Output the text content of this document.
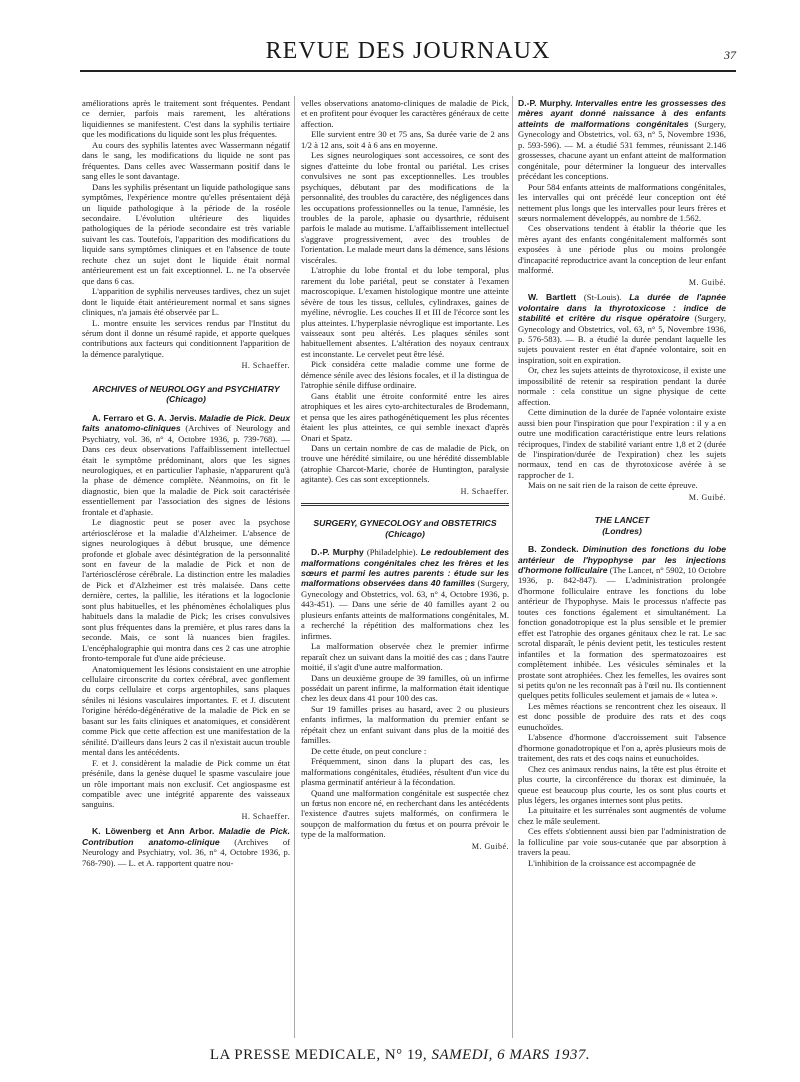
REVUE DES JOURNAUX	37

améliorations après le traitement sont fréquentes. Pendant ce dernier, parfois mais rarement, les altérations liquidiennes se manifestent. C'est dans la syphilis tertiaire que les modifications du liquide sont les plus fréquentes.

Au cours des syphilis latentes avec Wassermann négatif dans le sang, les modifications du liquide ne sont pas fréquentes. Dans celles avec Wassermann positif dans le sang elles le sont davantage.

Dans les syphilis présentant un liquide pathologique sans symptômes, l'expérience montre qu'elles présentaient déjà un liquide pathologique à la période de la roséole secondaire. L'évolution ultérieure des liquides pathologiques de la période secondaire est très variable suivant les cas. Toutefois, l'apparition des modifications du liquide sans symptômes cliniques et en l'absence de toute rechute chez un sujet dont le liquide était normal antérieurement est un fait exceptionnel. L. ne l'a observée que dans 6 cas.

L'apparition de syphilis nerveuses tardives, chez un sujet dont le liquide était antérieurement normal et sans signes cliniques, n'a jamais été observée par L.

L. montre ensuite les services rendus par l'Institut du sérum dont il donne un résumé rapide, et apporte quelques contributions aux facteurs qui conditionnent l'apparition de la démence paralytique.

H. Schaeffer.
ARCHIVES of NEUROLOGY and PSYCHIATRY
(Chicago)

A. Ferraro et G. A. Jervis. Maladie de Pick. Deux faits anatomo-cliniques (Archives of Neurology and Psychiatry, vol. 36, n° 4, Octobre 1936, p. 739-768). — Dans ces deux observations l'affaiblissement intellectuel était le symptôme prédominant, alors que les signes neurologiques, et en particulier l'aphasie, n'apparurent qu'à la phase de démence complète. Néanmoins, on fit le diagnostic, bien que la maladie de Pick soit caractérisée essentiellement par l'association des signes de lésions frontale et d'aphasie.

Le diagnostic peut se poser avec la psychose artériosclérose et la maladie d'Alzheimer. L'absence de signes neurologiques à début brusque, une démence profonde et globale avec désintégration de la personnalité sont en faveur de la maladie de Pick et non de l'artériosclérose cérébrale. La distinction entre les maladies de Pick et d'Alzheimer est très malaisée. Dans cette dernière, certes, la pallilie, les itérations et la logoclonie sont plus habituelles, et les phénomènes écholaliques plus habituels dans la maladie de Pick; les crises convulsives sont plus fréquentes dans la première, et plus rares dans la seconde. Mais, ce sont là nuances bien fragiles. L'encéphalographie qui montra dans ces 2 cas une atrophie fronto-temporale fut d'une aide précieuse.

Anatomiquement les lésions consistaient en une atrophie cellulaire circonscrite du cortex cérébral, avec gonflement du corps cellulaire et corps argentophiles, sans plaques séniles ni lésions vasculaires importantes. F. et J. discutent l'origine hérédo-dégénérative de la maladie de Pick en se basant sur les faits cliniques et anatomiques, et considèrent comme Pick que cette affection est une manifestation de la sénilité. D'ailleurs dans leurs 2 cas il n'existait aucun trouble mental dans les antécédents.

F. et J. considèrent la maladie de Pick comme un état présénile, dans la genèse duquel le spasme vasculaire joue un rôle important mais non exclusif. Cet angiospasme est compatible avec une intégrité apparente des vaisseaux sanguins.

H. Schaeffer.

K. Löwenberg et Ann Arbor. Maladie de Pick. Contribution anatomo-clinique (Archives of Neurology and Psychiatry, vol. 36, n° 4, Octobre 1936, p. 768-790). — L. et A. rapportent quatre nou-

velles observations anatomo-cliniques de maladie de Pick, et en profitent pour évoquer les caractères généraux de cette affection.

Elle survient entre 30 et 75 ans, Sa durée varie de 2 ans 1/2 à 12 ans, soit 4 à 6 ans en moyenne.

Les signes neurologiques sont accessoires, ce sont des signes d'atteinte du lobe frontal ou pariétal. Les crises convulsives ne sont pas exceptionnelles. Les troubles psychiques, débutant par des modifications de la personnalité, des troubles du caractère, des négligences dans les occupations professionnelles ou la tenue, l'amnésie, les troubles de la parole, aphasie ou dysarthrie, réduisent parfois le malade au mutisme. L'affaiblissement intellectuel s'aggrave progressivement, avec des troubles de l'orientation. Le malade meurt dans la démence, sans lésions viscérales.

L'atrophie du lobe frontal et du lobe temporal, plus rarement du lobe pariétal, peut se constater à l'examen macroscopique. L'examen histologique montre une atteinte sévère de tous les tissus, cellules, cylindraxes, gaines de myéline, névroglie. Les couches II et III de l'écorce sont les plus atteintes. L'hyperplasie névroglique est importante. Les vaisseaux sont peu altérés. Les plaques séniles sont habituellement absentes. L'altération des noyaux centraux est inconstante. Le cervelet peut être lésé.

Pick considéra cette maladie comme une forme de démence sénile avec des lésions focales, et il la distingua de l'atrophie sénile diffuse ordinaire.

Gans établit une étroite conformité entre les aires atrophiques et les aires cyto-architecturales de Brodemann, et pensa que les aires pathogénétiquement les plus récentes étaient les plus atteintes, ce qui semble inexact d'après Onari et Spatz.

Dans un certain nombre de cas de maladie de Pick, on trouve une hérédité similaire, ou une hérédité dissemblable (atrophie Charcot-Marie, chorée de Huntington, paralysie agitante). Ces cas sont exceptionnels.

H. Schaeffer.
SURGERY, GYNECOLOGY and OBSTETRICS
(Chicago)

D.-P. Murphy (Philadelphie). Le redoublement des malformations congénitales chez les frères et les sœurs et parmi les autres parents : étude sur les malformations observées dans 40 familles (Surgery, Gynecology and Obstetrics, vol. 63, n° 4, Octobre 1936, p. 443-451). — Dans une série de 40 familles ayant 2 ou plusieurs enfants atteints de malformations congénitales, M. a recherché la répétition des malformations chez les infirmes.

La malformation observée chez le premier infirme reparaît chez un suivant dans la moitié des cas ; dans l'autre moitié, il s'agit d'une autre malformation.

Dans un deuxième groupe de 39 familles, où un infirme possédait un parent infirme, la malformation était identique chez les deux dans 41 pour 100 des cas.

Sur 19 familles prises au hasard, avec 2 ou plusieurs enfants infirmes, la malformation du premier enfant se répétait chez un enfant suivant dans plus de la moitié des familles.

De cette étude, on peut conclure :

Fréquemment, sinon dans la plupart des cas, les malformations congénitales, étudiées, résultent d'un vice du plasma germinatif antérieur à la fécondation.

Quand une malformation congénitale est suspectée chez un fœtus non encore né, en recherchant dans les antécédents l'existence d'autres sujets malformés, on confirmera le soupçon de malformation du fœtus et on pourra prévoir le type de la malformation.

M. Guibé.

D.-P. Murphy. Intervalles entre les grossesses des mères ayant donné naissance à des enfants atteints de malformations congénitales (Surgery, Gynecology and Obstetrics, vol. 63, n° 5, Novembre 1936, p. 593-596). — M. a étudié 531 femmes, réunissant 2.146 grossesses, chacune ayant un enfant atteint de malformation congénitale, pour déterminer la longueur des intervalles précédant les conceptions.

Pour 584 enfants atteints de malformations congénitales, les intervalles qui ont précédé leur conception ont été nettement plus longs que les intervalles pour leurs frères et sœurs normalement développés, au nombre de 1.562.

Ces observations tendent à établir la théorie que les mères ayant des enfants congénitalement malformés sont exposées à une période plus ou moins prolongée d'incapacité reproductrice avant la conception de leur enfant malformé.

M. Guibé.

W. Bartlett (St-Louis). La durée de l'apnée volontaire dans la thyrotoxicose : indice de stabilité et critère du risque opératoire (Surgery, Gynecology and Obstetrics, vol. 63, n° 5, Novembre 1936, p. 576-583). — B. a étudié la durée pendant laquelle les sujets pouvaient rester en état d'apnée volontaire, soit en inspiration, soit en expiration.

Or, chez les sujets atteints de thyrotoxicose, il existe une impossibilité de retenir sa respiration pendant la durée normale : cela constitue un signe physique de cette affection.

Cette diminution de la durée de l'apnée volontaire existe aussi bien pour l'inspiration que pour l'expiration : il y a en outre une modification caractéristique entre leurs relations réciproques, l'index de stabilité variant entre 1,8 et 2 (durée de l'inspiration/durée de l'expiration) chez les sujets normaux, tend en cas de thyrotoxicose avérée à se rapprocher de 1.

Mais on ne sait rien de la raison de cette épreuve.

M. Guibé.
THE LANCET
(Londres)

B. Zondeck. Diminution des fonctions du lobe antérieur de l'hypophyse par les injections d'hormone folliculaire (The Lancet, n° 5902, 10 Octobre 1936, p. 842-847). — L'administration prolongée d'hormone folliculaire entrave les fonctions du lobe antérieur de l'hypophyse. Mais le processus n'affecte pas toutes ces fonctions également et simultanément. La fonction gonadotropique est la plus sensible et le premier effet est l'atrophie des organes génitaux chez le rat. Le sac scrotal disparaît, le pénis devient petit, les testicules restent infantiles et la formation des spermatozoaires est complètement inhibée. Les vésicules séminales et la prostate sont atrophiées. Chez les femelles, les ovaires sont si petits qu'on ne les reconnaît pas à l'œil nu. Ils contiennent quelques petits follicules seulement et jamais de « lutea ».

Les mêmes réactions se rencontrent chez les oiseaux. Il est donc possible de produire des rats et des coqs eunuchoïdes.

L'absence d'hormone d'accroissement suit l'absence d'hormone gonadotropique et l'on a, après plusieurs mois de traitement, des rats et des coqs nains et eunuchoïdes.

Chez ces animaux rendus nains, la tête est plus étroite et plus courte, la circonférence du thorax est diminuée, la queue est beaucoup plus courte, les os sont plus courts et plus légers, les organes internes sont plus petits.

La pituitaire et les surrénales sont augmentés de volume chez le mâle seulement.

Ces effets s'obtiennent aussi bien par l'administration de la folliculine par voie sous-cutanée que par absorption à travers la peau.

L'inhibition de la croissance est accompagnée de

LA PRESSE MEDICALE, N° 19, SAMEDI, 6 MARS 1937.
